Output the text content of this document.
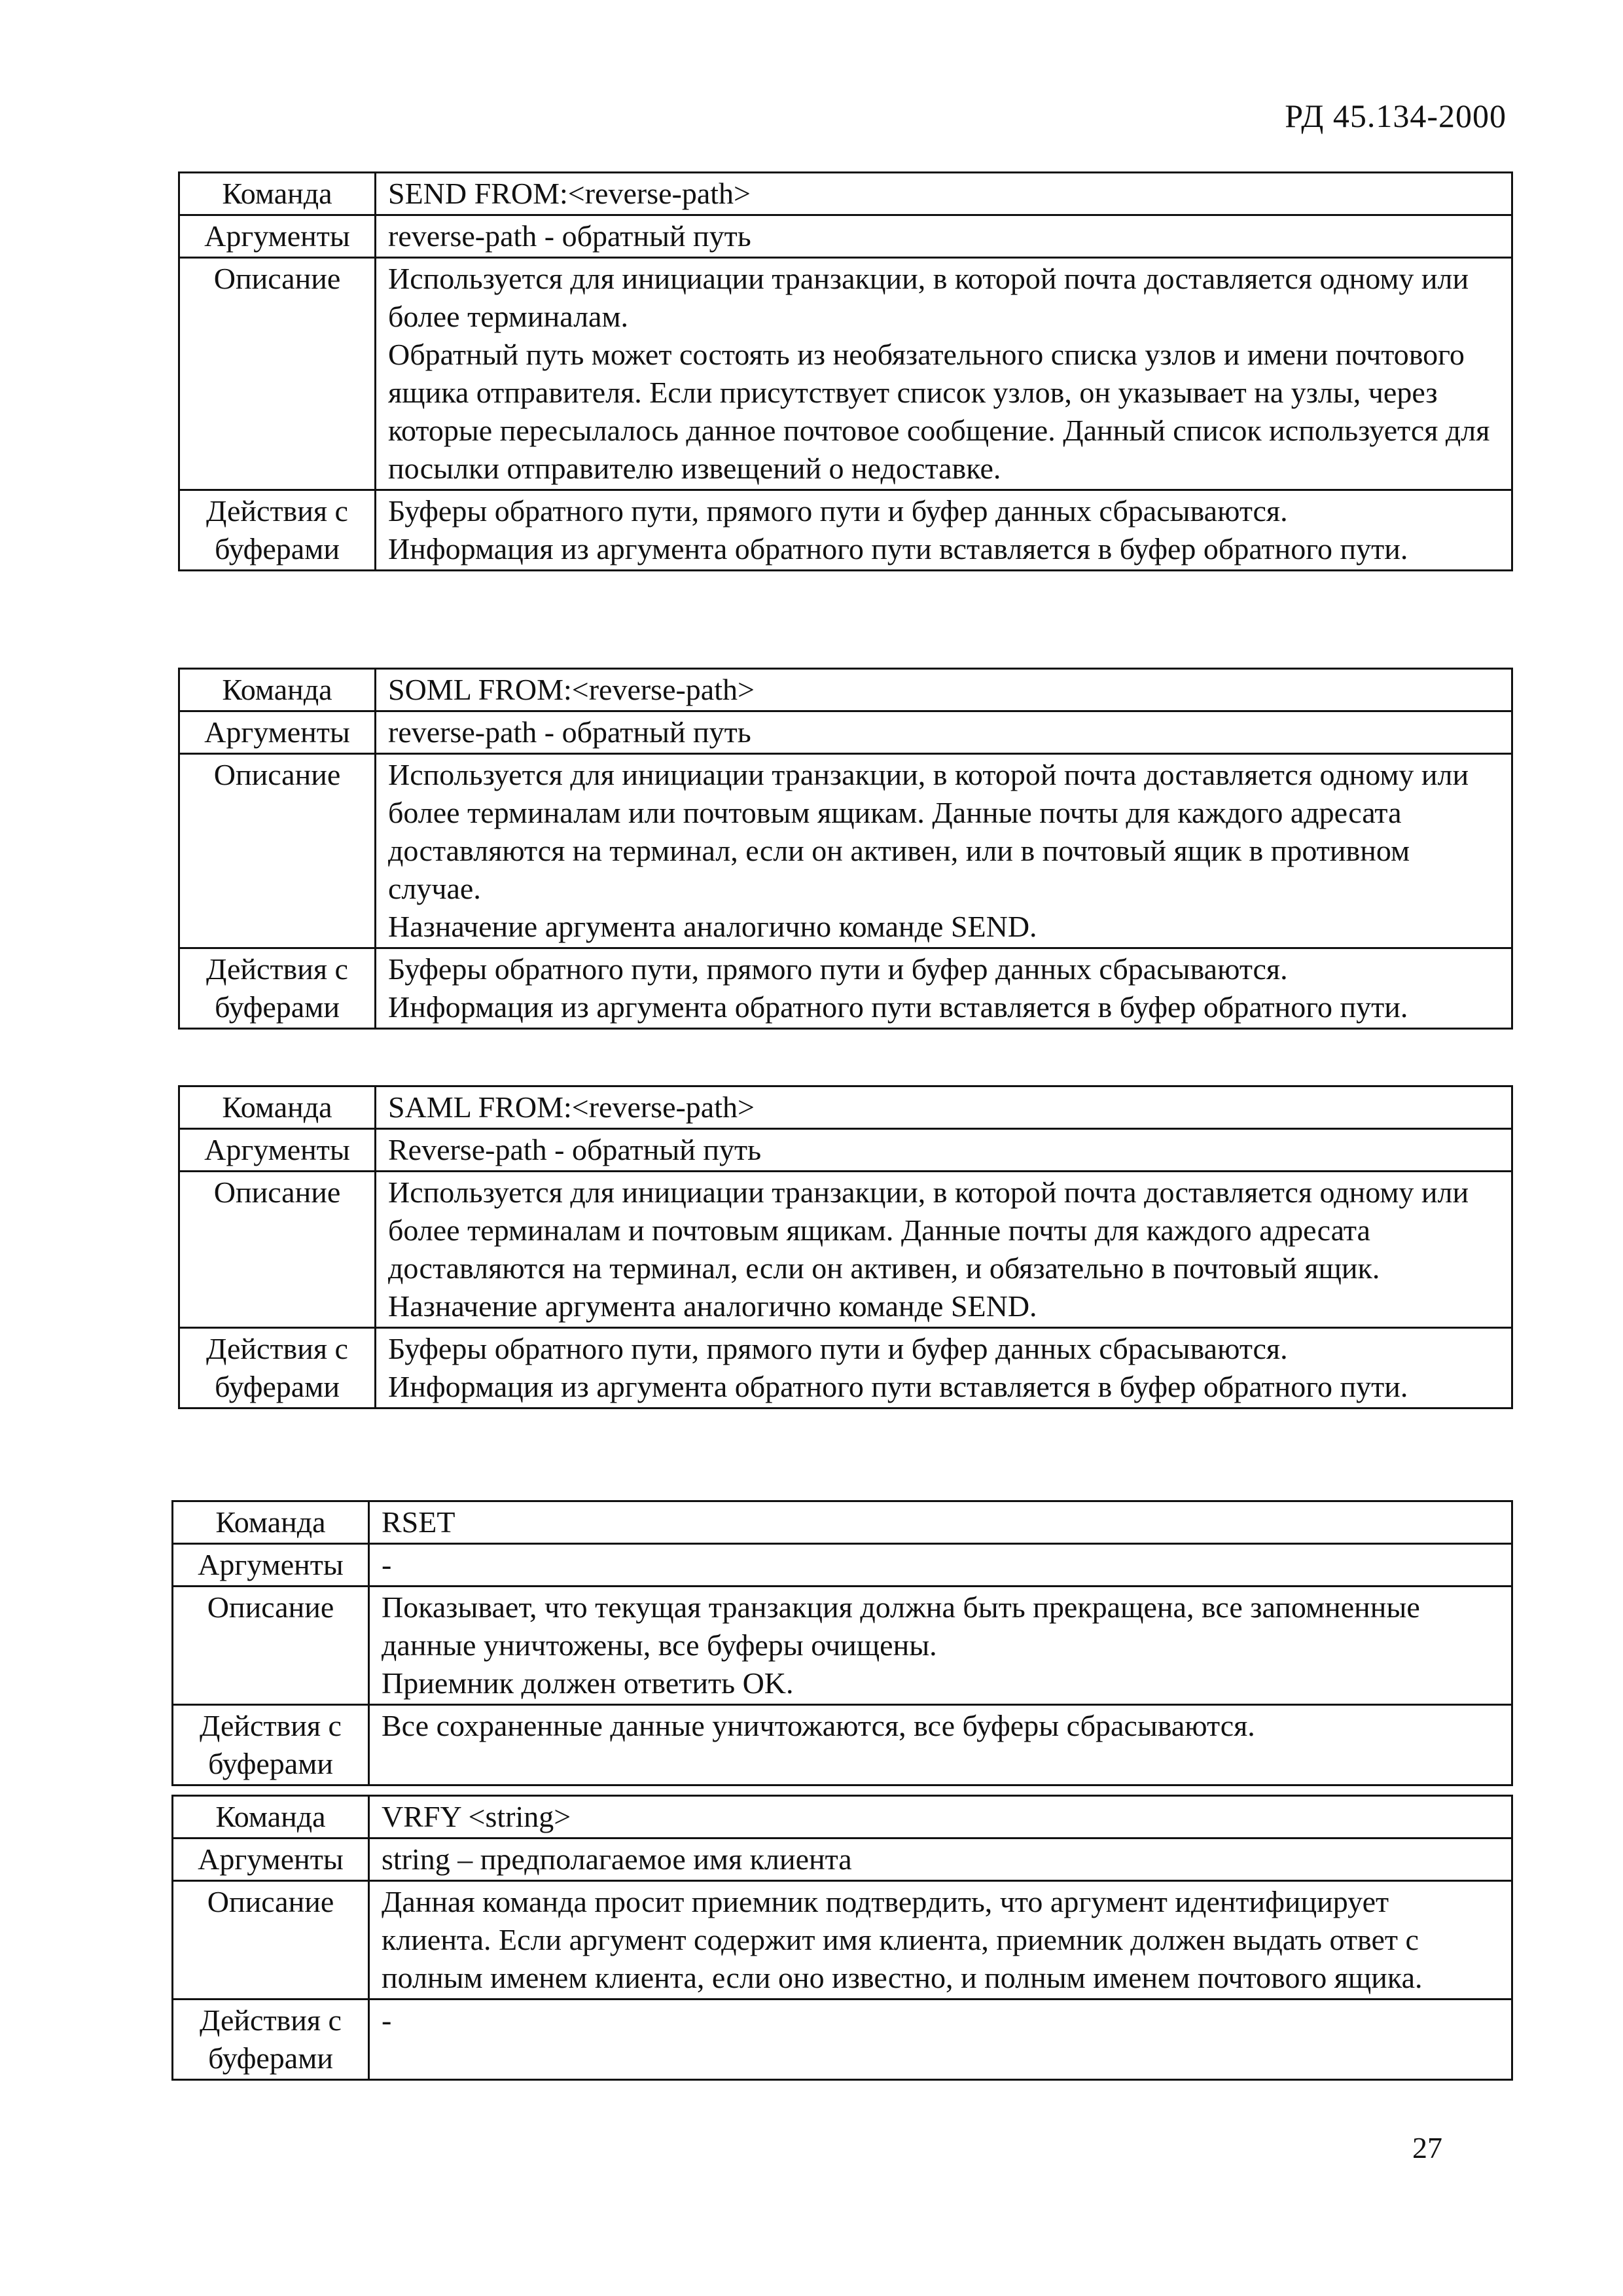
РД 45.134-2000
Команда	SEND FROM:<reverse-path>
Аргументы	reverse-path - обратный путь
Описание	Используется для инициации транзакции, в которой почта доставляется одному или более терминалам.

Обратный путь может состоять из необязательного списка узлов и имени почтового ящика отправителя. Если присутствует список узлов, он указывает на узлы, через которые пересылалось данное почтовое сообщение. Данный список используется для посылки отправителю извещений о недоставке.

Действия с буферами	Буферы обратного пути, прямого пути и буфер данных сбрасываются.

Информация из аргумента обратного пути вставляется в буфер обратного пути.

Команда	SOML FROM:<reverse-path>
Аргументы	reverse-path - обратный путь
Описание	Используется для инициации транзакции, в которой почта доставляется одному или более терминалам или почтовым ящикам. Данные почты для каждого адресата доставляются на терминал, если он активен, или в почтовый ящик в противном случае.

Назначение аргумента аналогично команде SEND.

Действия с буферами	Буферы обратного пути, прямого пути и буфер данных сбрасываются.

Информация из аргумента обратного пути вставляется в буфер обратного пути.

Команда	SAML FROM:<reverse-path>
Аргументы	Reverse-path - обратный путь
Описание	Используется для инициации транзакции, в которой почта доставляется одному или более терминалам и почтовым ящикам. Данные почты для каждого адресата доставляются на терминал, если он активен, и обязательно в почтовый ящик.

Назначение аргумента аналогично команде SEND.

Действия с буферами	Буферы обратного пути, прямого пути и буфер данных сбрасываются.

Информация из аргумента обратного пути вставляется в буфер обратного пути.

Команда	RSET
Аргументы	-
Описание	Показывает, что текущая транзакция должна быть прекращена, все запомненные данные уничтожены, все буферы очищены.

Приемник должен ответить OK.

Действия с буферами	Все сохраненные данные уничтожаются, все буферы сбрасываются.

Команда	VRFY <string>
Аргументы	string – предполагаемое имя клиента
Описание	Данная команда просит приемник подтвердить, что аргумент идентифицирует клиента. Если аргумент содержит имя клиента, приемник должен выдать ответ с полным именем клиента, если оно известно, и полным именем почтового ящика.

Действия с буферами	-

27
